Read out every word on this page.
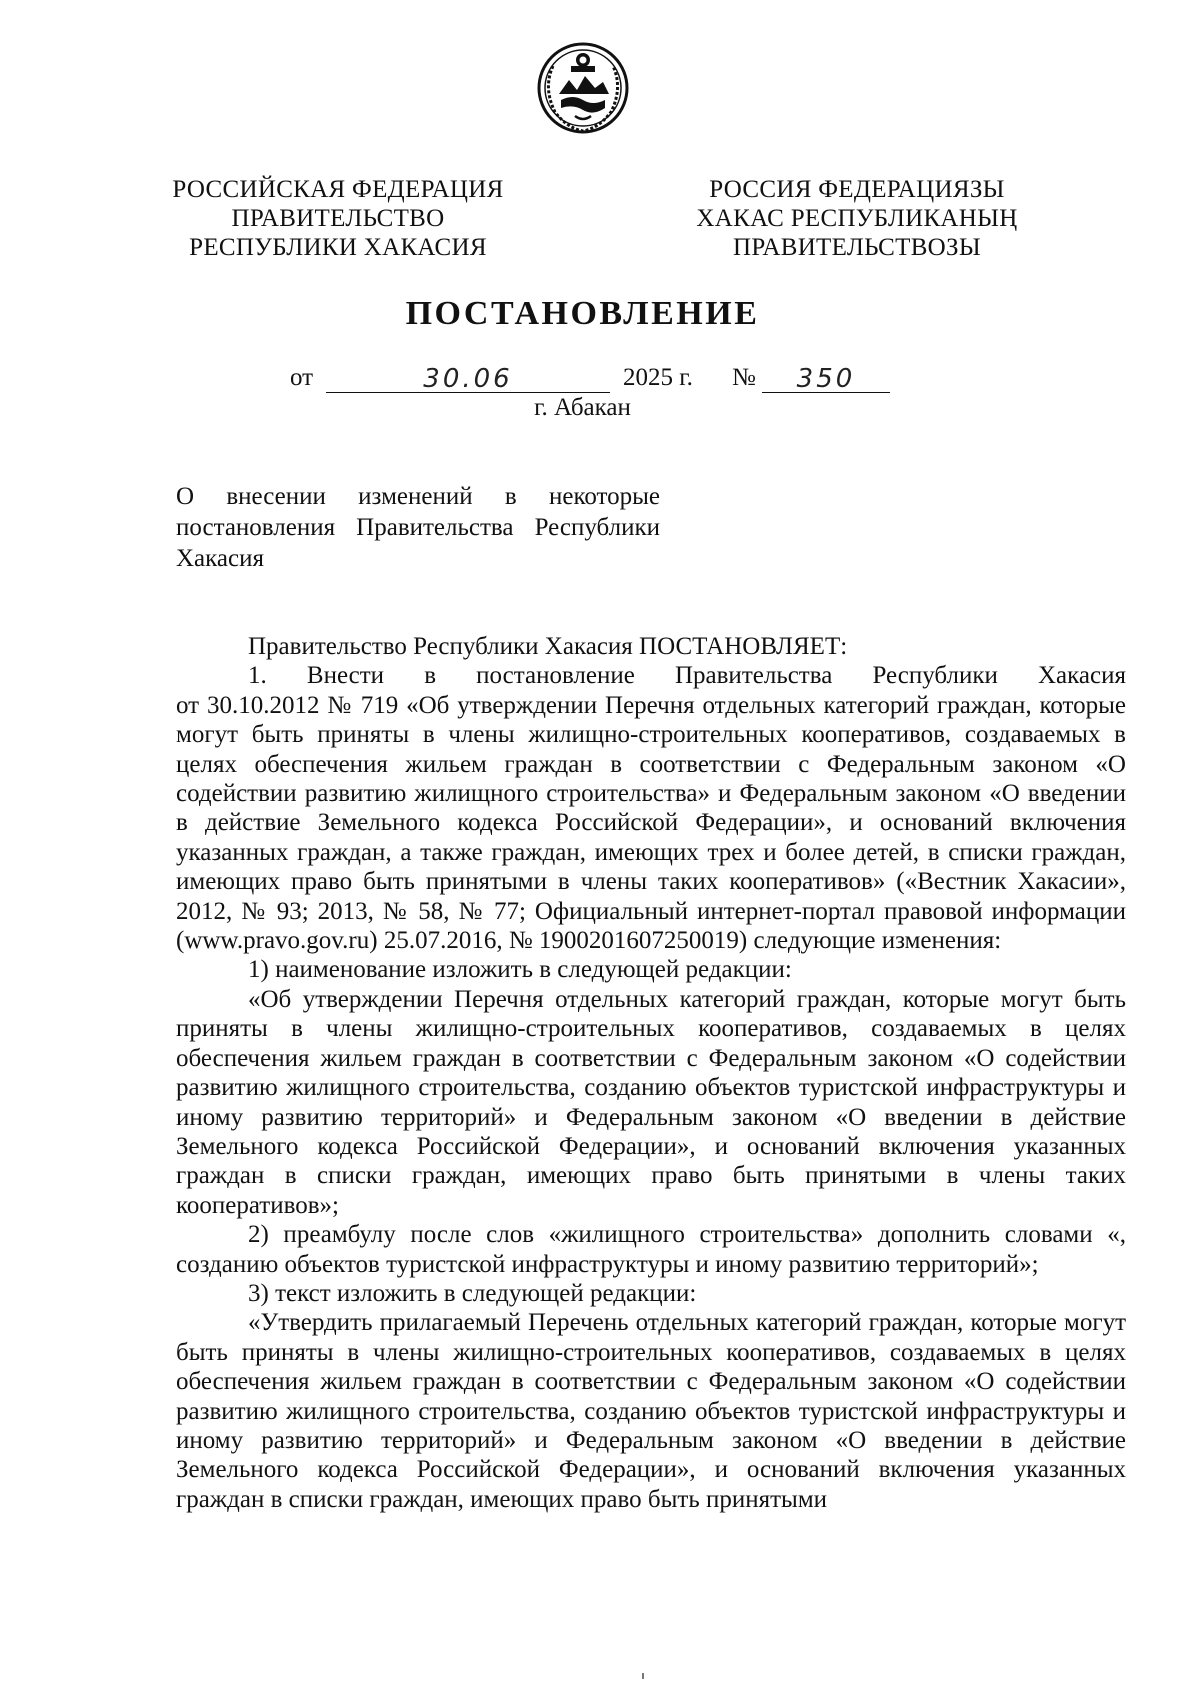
РОССИЙСКАЯ ФЕДЕРАЦИЯ
ПРАВИТЕЛЬСТВО
РЕСПУБЛИКИ ХАКАСИЯ
РОССИЯ ФЕДЕРАЦИЯЗЫ
ХАКАС РЕСПУБЛИКАНЫҢ
ПРАВИТЕЛЬСТВОЗЫ
ПОСТАНОВЛЕНИЕ
от	30.06	2025 г. №	350
г. Абакан
О внесении изменений в некоторые
постановления Правительства Республики
Хакасия
Правительство Республики Хакасия ПОСТАНОВЛЯЕТ:
1. Внести в постановление Правительства Республики Хакасия
от 30.10.2012 № 719 «Об утверждении Перечня отдельных категорий граждан, которые могут быть приняты в члены жилищно-строительных кооперативов, создаваемых в целях обеспечения жильем граждан в соответствии с Федеральным законом «О содействии развитию жилищного строительства» и Федеральным законом «О введении в действие Земельного кодекса Российской Федерации», и оснований включения указанных граждан, а также граждан, имеющих трех и более детей, в списки граждан, имеющих право быть принятыми в члены таких кооперативов» («Вестник Хакасии», 2012, № 93; 2013, № 58, № 77; Официальный интернет-портал правовой информации (www.pravo.gov.ru) 25.07.2016, № 1900201607250019) следующие изменения:
1) наименование изложить в следующей редакции:
«Об утверждении Перечня отдельных категорий граждан, которые могут быть приняты в члены жилищно-строительных кооперативов, создаваемых в целях обеспечения жильем граждан в соответствии с Федеральным законом «О содействии развитию жилищного строительства, созданию объектов туристской инфраструктуры и иному развитию территорий» и Федеральным законом «О введении в действие Земельного кодекса Российской Федерации», и оснований включения указанных граждан в списки граждан, имеющих право быть принятыми в члены таких кооперативов»;
2) преамбулу после слов «жилищного строительства» дополнить словами «, созданию объектов туристской инфраструктуры и иному развитию территорий»;
3) текст изложить в следующей редакции:
«Утвердить прилагаемый Перечень отдельных категорий граждан, которые могут быть приняты в члены жилищно-строительных кооперативов, создаваемых в целях обеспечения жильем граждан в соответствии с Федеральным законом «О содействии развитию жилищного строительства, созданию объектов туристской инфраструктуры и иному развитию территорий» и Федеральным законом «О введении в действие Земельного кодекса Российской Федерации», и оснований включения указанных граждан в списки граждан, имеющих право быть принятыми
